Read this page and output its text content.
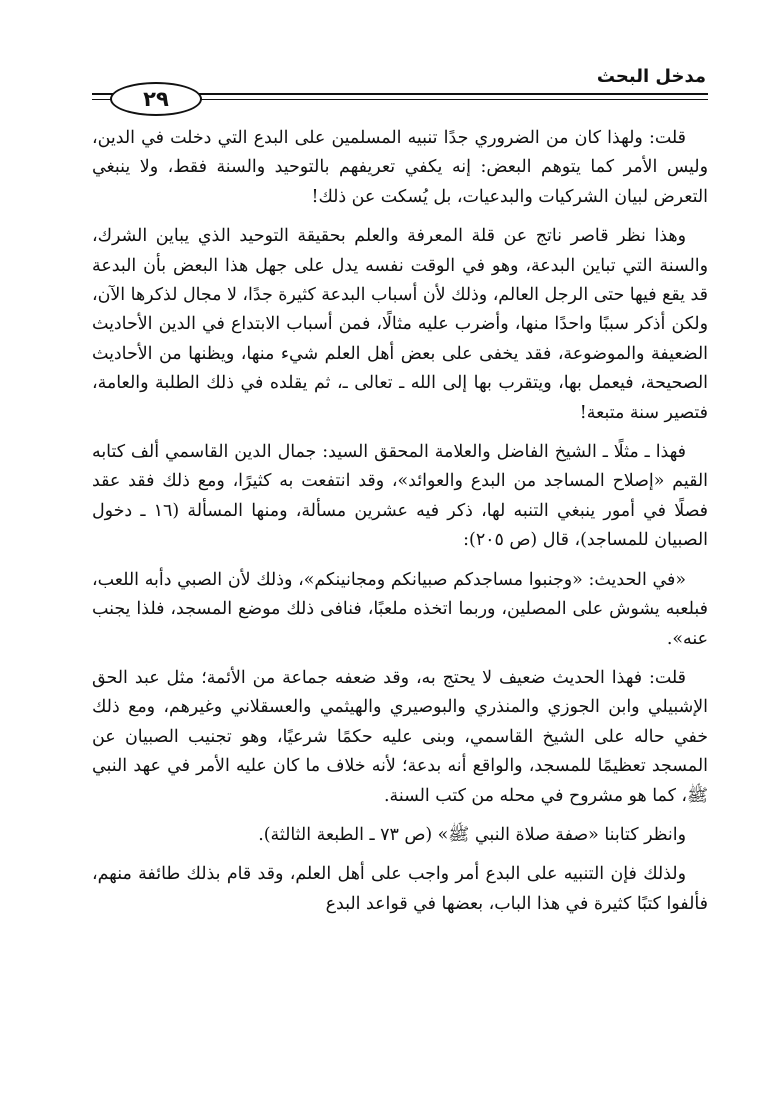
مدخل البحث
٢٩

قلت: ولهذا كان من الضروري جدًا تنبيه المسلمين على البدع التي دخلت في الدين، وليس الأمر كما يتوهم البعض: إنه يكفي تعريفهم بالتوحيد والسنة فقط، ولا ينبغي التعرض لبيان الشركيات والبدعيات، بل يُسكت عن ذلك!

وهذا نظر قاصر ناتج عن قلة المعرفة والعلم بحقيقة التوحيد الذي يباين الشرك، والسنة التي تباين البدعة، وهو في الوقت نفسه يدل على جهل هذا البعض بأن البدعة قد يقع فيها حتى الرجل العالم، وذلك لأن أسباب البدعة كثيرة جدًا، لا مجال لذكرها الآن، ولكن أذكر سببًا واحدًا منها، وأضرب عليه مثالًا، فمن أسباب الابتداع في الدين الأحاديث الضعيفة والموضوعة، فقد يخفى على بعض أهل العلم شيء منها، ويظنها من الأحاديث الصحيحة، فيعمل بها، ويتقرب بها إلى الله ـ تعالى ـ، ثم يقلده في ذلك الطلبة والعامة، فتصير سنة متبعة!

فهذا ـ مثلًا ـ الشيخ الفاضل والعلامة المحقق السيد: جمال الدين القاسمي ألف كتابه القيم «إصلاح المساجد من البدع والعوائد»، وقد انتفعت به كثيرًا، ومع ذلك فقد عقد فصلًا في أمور ينبغي التنبه لها، ذكر فيه عشرين مسألة، ومنها المسألة (١٦ ـ دخول الصبيان للمساجد)، قال (ص ٢٠٥):

«في الحديث: «وجنبوا مساجدكم صبيانكم ومجانينكم»، وذلك لأن الصبي دأبه اللعب، فبلعبه يشوش على المصلين، وربما اتخذه ملعبًا، فنافى ذلك موضع المسجد، فلذا يجنب عنه».

قلت: فهذا الحديث ضعيف لا يحتج به، وقد ضعفه جماعة من الأئمة؛ مثل عبد الحق الإشبيلي وابن الجوزي والمنذري والبوصيري والهيثمي والعسقلاني وغيرهم، ومع ذلك خفي حاله على الشيخ القاسمي، وبنى عليه حكمًا شرعيًا، وهو تجنيب الصبيان عن المسجد تعظيمًا للمسجد، والواقع أنه بدعة؛ لأنه خلاف ما كان عليه الأمر في عهد النبي ﷺ، كما هو مشروح في محله من كتب السنة.

وانظر كتابنا «صفة صلاة النبي ﷺ» (ص ٧٣ ـ الطبعة الثالثة).

ولذلك فإن التنبيه على البدع أمر واجب على أهل العلم، وقد قام بذلك طائفة منهم، فألفوا كتبًا كثيرة في هذا الباب، بعضها في قواعد البدع
